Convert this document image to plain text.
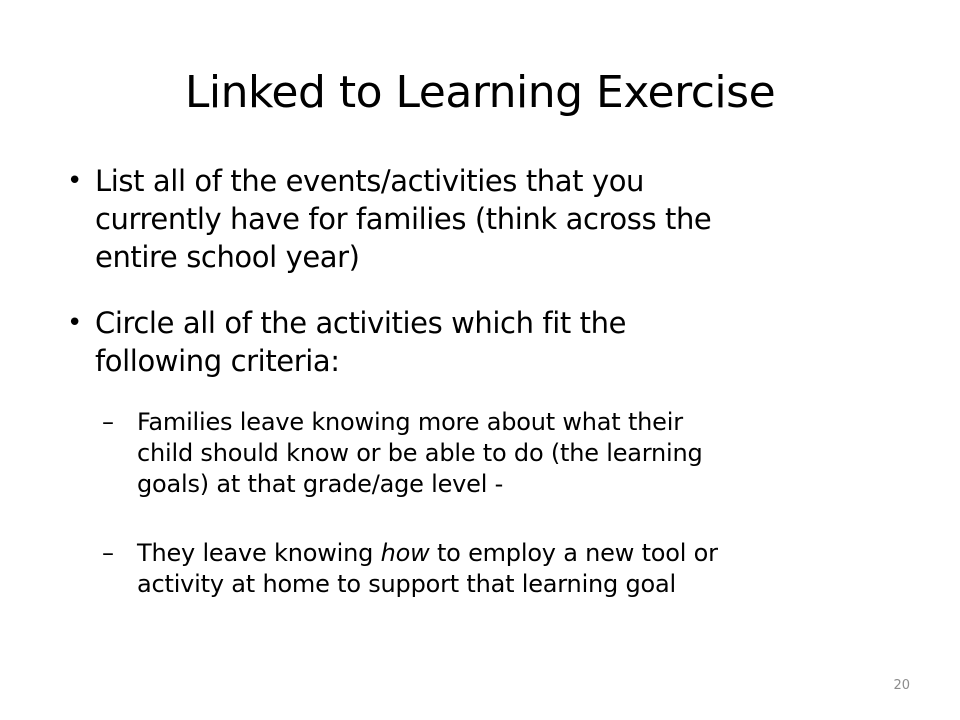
Linked to Learning Exercise
• List all of the events/activities that you
currently have for families (think across the
entire school year)
• Circle all of the activities which fit the
following criteria:
– Families leave knowing more about what their
child should know or be able to do (the learning
goals) at that grade/age level -
– They leave knowing how to employ a new tool or
activity at home to support that learning goal
20
